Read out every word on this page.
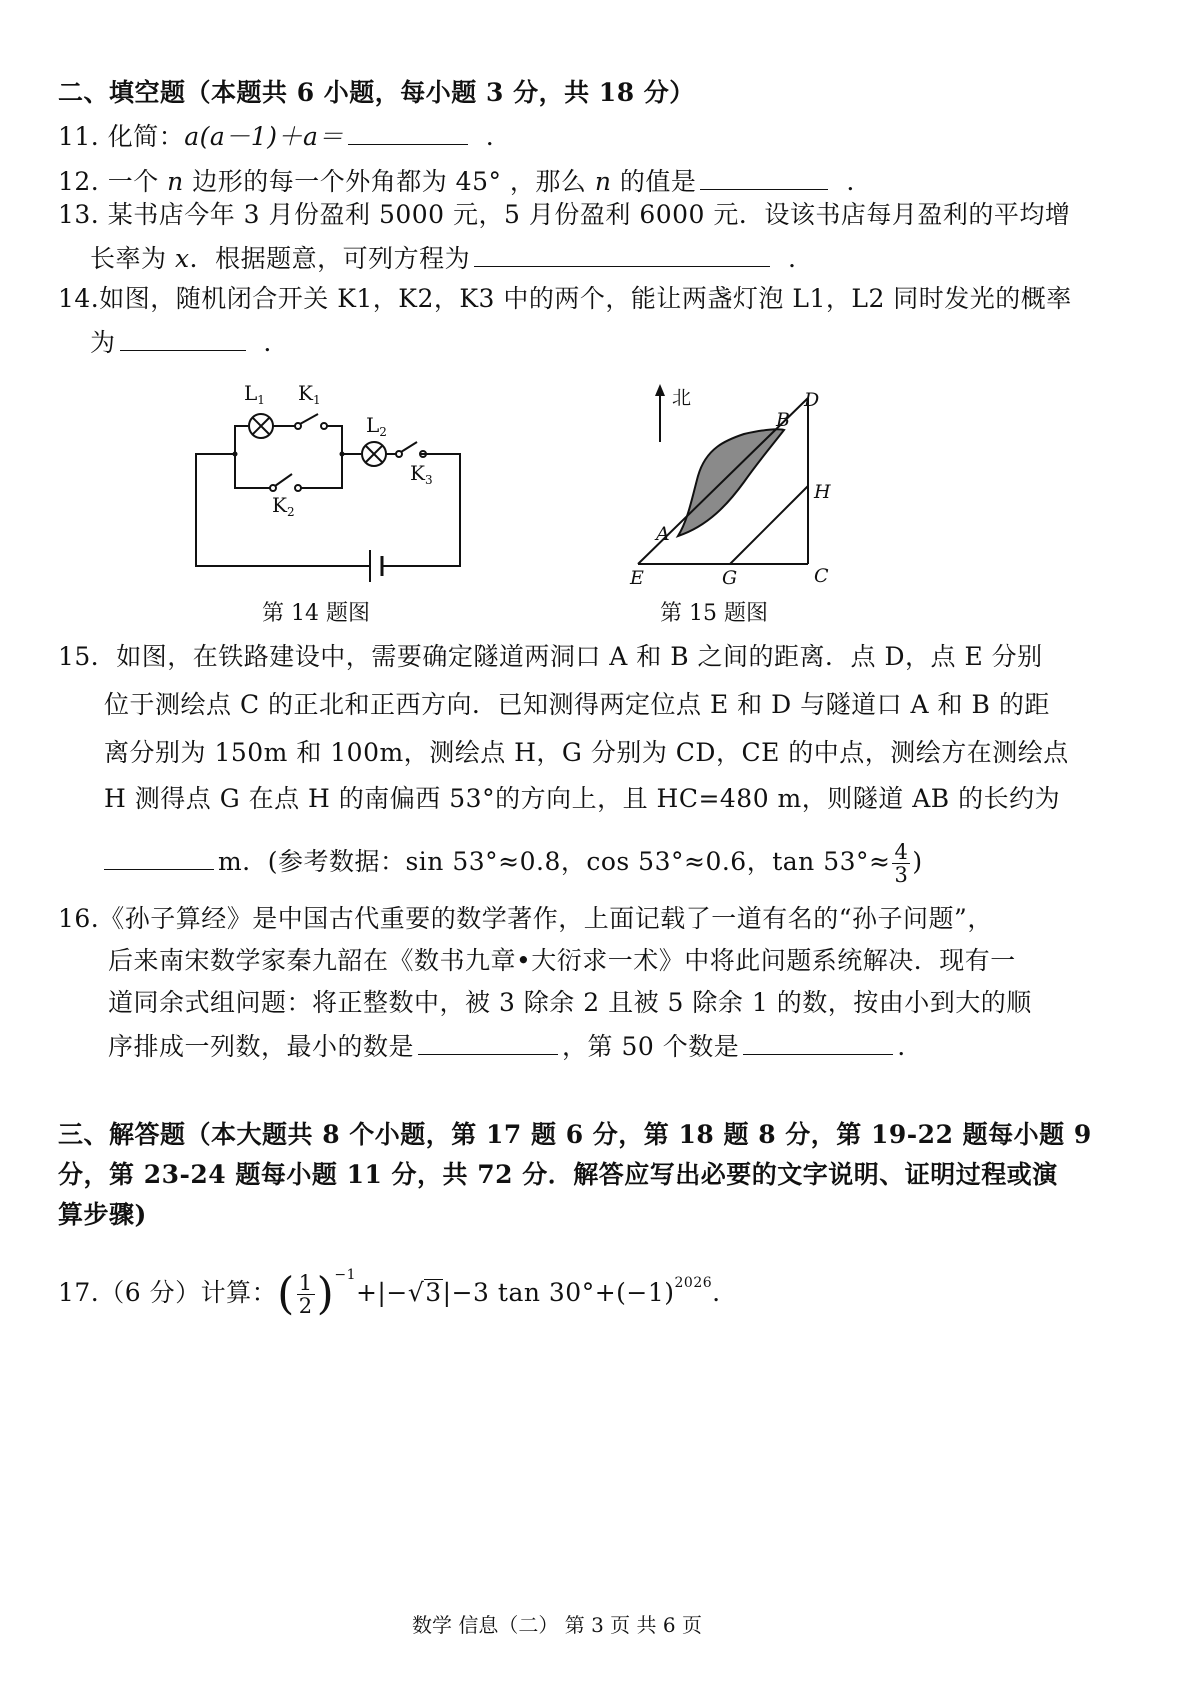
二、填空题（本题共 6 小题，每小题 3 分，共 18 分）
11. 化简：a(a－1)＋a＝	．
12. 一个 n 边形的每一个外角都为 45° ，那么 n 的值是	．
13. 某书店今年 3 月份盈利 5000 元，5 月份盈利 6000 元．设该书店每月盈利的平均增
长率为 x．根据题意，可列方程为	．
14.如图，随机闭合开关 K1，K2，K3 中的两个，能让两盏灯泡 L1，L2 同时发光的概率
为	．
$L_1$ $K_1$
$L_2$
$K_2$
$K_3$
第 14 题图
北
A
B
C
D
E	G
H
第 15 题图
15．如图，在铁路建设中，需要确定隧道两洞口 A 和 B 之间的距离．点 D，点 E 分别
位于测绘点 C 的正北和正西方向．已知测得两定位点 E 和 D 与隧道口 A 和 B 的距
离分别为 150m 和 100m，测绘点 H，G 分别为 CD，CE 的中点，测绘方在测绘点
H 测得点 G 在点 H 的南偏西 53°的方向上，且 HC=480 m，则隧道 AB 的长约为
m．(参考数据：sin 53°≈0.8，cos 53°≈0.6，$\tan 53^\circ\approx \frac{4}{3}$ )
16.《孙子算经》是中国古代重要的数学著作，上面记载了一道有名的“孙子问题”，
后来南宋数学家秦九韶在《数书九章•大衍求一术》中将此问题系统解决．现有一
道同余式组问题：将正整数中，被 3 除余 2 且被 5 除余 1 的数，按由小到大的顺
序排成一列数，最小的数是	，第 50 个数是	.
三、解答题（本大题共 8 个小题，第 17 题 6 分，第 18 题 8 分，第 19-22 题每小题 9
分，第 23-24 题每小题 11 分，共 72 分．解答应写出必要的文字说明、证明过程或演
算步骤)
17.（6 分）计算：( $\frac{1}{2} )^{-1}+|-√3|-3$ $\tan 30^\circ+(-1)^{2026}$.
数学 信息（二） 第 3 页 共 6 页
